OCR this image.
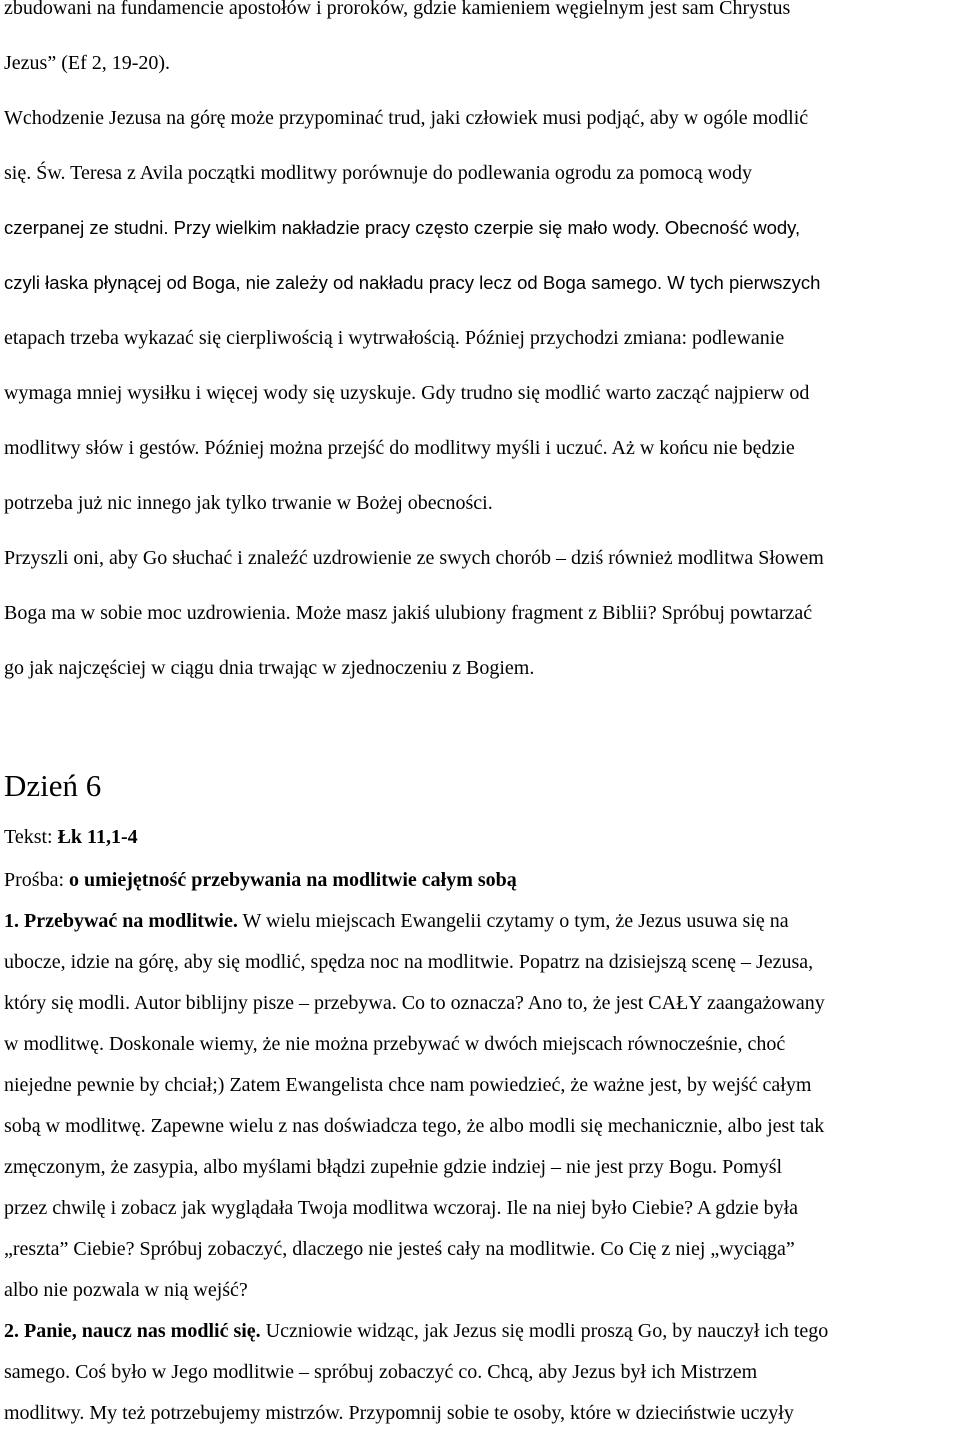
zbudowani na fundamencie apostołów i proroków, gdzie kamieniem węgielnym jest sam Chrystus
Jezus” (Ef 2, 19-20).
Wchodzenie Jezusa na górę może przypominać trud, jaki człowiek musi podjąć, aby w ogóle modlić
się. Św. Teresa z Avila początki modlitwy porównuje do podlewania ogrodu za pomocą wody
czerpanej ze studni. Przy wielkim nakładzie pracy często czerpie się mało wody. Obecność wody,
czyli łaska płynącej od Boga, nie zależy od nakładu pracy lecz od Boga samego. W tych pierwszych
etapach trzeba wykazać się cierpliwością i wytrwałością. Później przychodzi zmiana: podlewanie
wymaga mniej wysiłku i więcej wody się uzyskuje. Gdy trudno się modlić warto zacząć najpierw od
modlitwy słów i gestów. Później można przejść do modlitwy myśli i uczuć. Aż w końcu nie będzie
potrzeba już nic innego jak tylko trwanie w Bożej obecności.
Przyszli oni, aby Go słuchać i znaleźć uzdrowienie ze swych chorób – dziś również modlitwa Słowem
Boga ma w sobie moc uzdrowienia. Może masz jakiś ulubiony fragment z Biblii? Spróbuj powtarzać
go jak najczęściej w ciągu dnia trwając w zjednoczeniu z Bogiem.
Dzień 6
Tekst: Łk 11,1-4
Prośba: o umiejętność przebywania na modlitwie całym sobą
1. Przebywać na modlitwie. W wielu miejscach Ewangelii czytamy o tym, że Jezus usuwa się na
ubocze, idzie na górę, aby się modlić, spędza noc na modlitwie. Popatrz na dzisiejszą scenę – Jezusa,
który się modli. Autor biblijny pisze – przebywa. Co to oznacza? Ano to, że jest CAŁY zaangażowany
w modlitwę. Doskonale wiemy, że nie można przebywać w dwóch miejscach równocześnie, choć
niejedne pewnie by chciał;) Zatem Ewangelista chce nam powiedzieć, że ważne jest, by wejść całym
sobą w modlitwę. Zapewne wielu z nas doświadcza tego, że albo modli się mechanicznie, albo jest tak
zmęczonym, że zasypia, albo myślami błądzi zupełnie gdzie indziej – nie jest przy Bogu. Pomyśl
przez chwilę i zobacz jak wyglądała Twoja modlitwa wczoraj. Ile na niej było Ciebie? A gdzie była
„reszta” Ciebie? Spróbuj zobaczyć, dlaczego nie jesteś cały na modlitwie. Co Cię z niej „wyciąga”
albo nie pozwala w nią wejść?
2. Panie, naucz nas modlić się. Uczniowie widząc, jak Jezus się modli proszą Go, by nauczył ich tego
samego. Coś było w Jego modlitwie – spróbuj zobaczyć co. Chcą, aby Jezus był ich Mistrzem
modlitwy. My też potrzebujemy mistrzów. Przypomnij sobie te osoby, które w dzieciństwie uczyły
